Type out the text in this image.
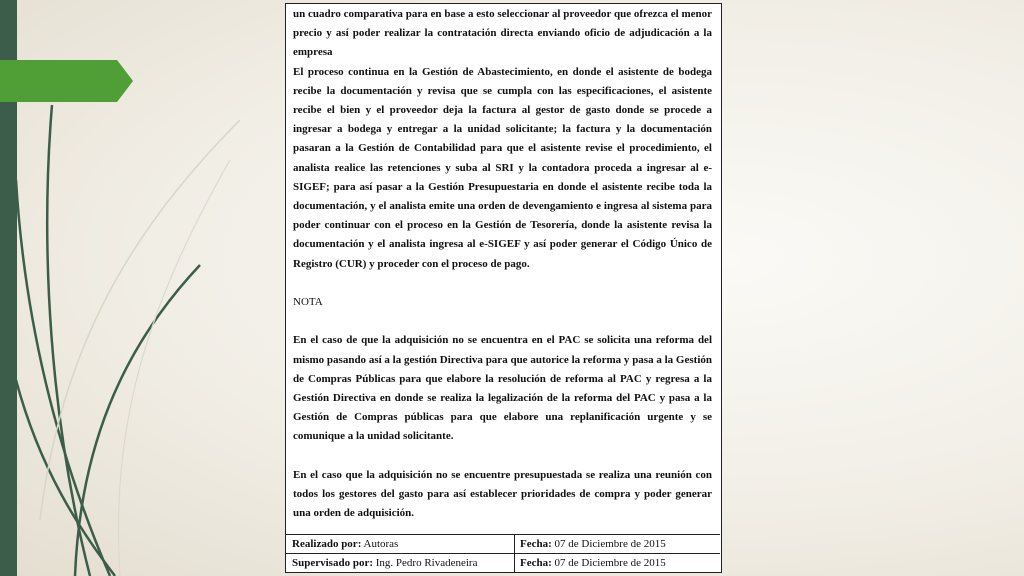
un cuadro comparativa para en base a esto seleccionar al proveedor que ofrezca el menor precio y así poder realizar la contratación directa enviando oficio de adjudicación a la empresa

El proceso continua en la Gestión de Abastecimiento, en donde el asistente de bodega recibe la documentación y revisa que se cumpla con las especificaciones, el asistente recibe el bien y el proveedor deja la factura al gestor de gasto donde se procede a ingresar a bodega y entregar a la unidad solicitante; la factura y la documentación pasaran a la Gestión de Contabilidad para que el asistente revise el procedimiento, el analista realice las retenciones y suba al SRI y la contadora proceda a ingresar al e-SIGEF; para así pasar a la Gestión Presupuestaria en donde el asistente recibe toda la documentación, y el analista emite una orden de devengamiento e ingresa al sistema para poder continuar con el proceso en la Gestión de Tesorería, donde la asistente revisa la documentación y el analista ingresa al e-SIGEF y así poder generar el Código Único de Registro (CUR) y proceder con el proceso de pago.

NOTA

En el caso de que la adquisición no se encuentra en el PAC se solicita una reforma del mismo pasando así a la gestión Directiva para que autorice la reforma y pasa a la Gestión de Compras Públicas para que elabore la resolución de reforma al PAC y regresa a la Gestión Directiva en donde se realiza la legalización de la reforma del PAC y pasa a la Gestión de Compras públicas para que elabore una replanificación urgente y se comunique a la unidad solicitante.

En el caso que la adquisición no se encuentre presupuestada se realiza una reunión con todos los gestores del gasto para así establecer prioridades de compra y poder generar una orden de adquisición.

Realizado por: Autoras	Fecha: 07 de Diciembre de 2015
Supervisado por: Ing. Pedro Rivadeneira	Fecha: 07 de Diciembre de 2015
